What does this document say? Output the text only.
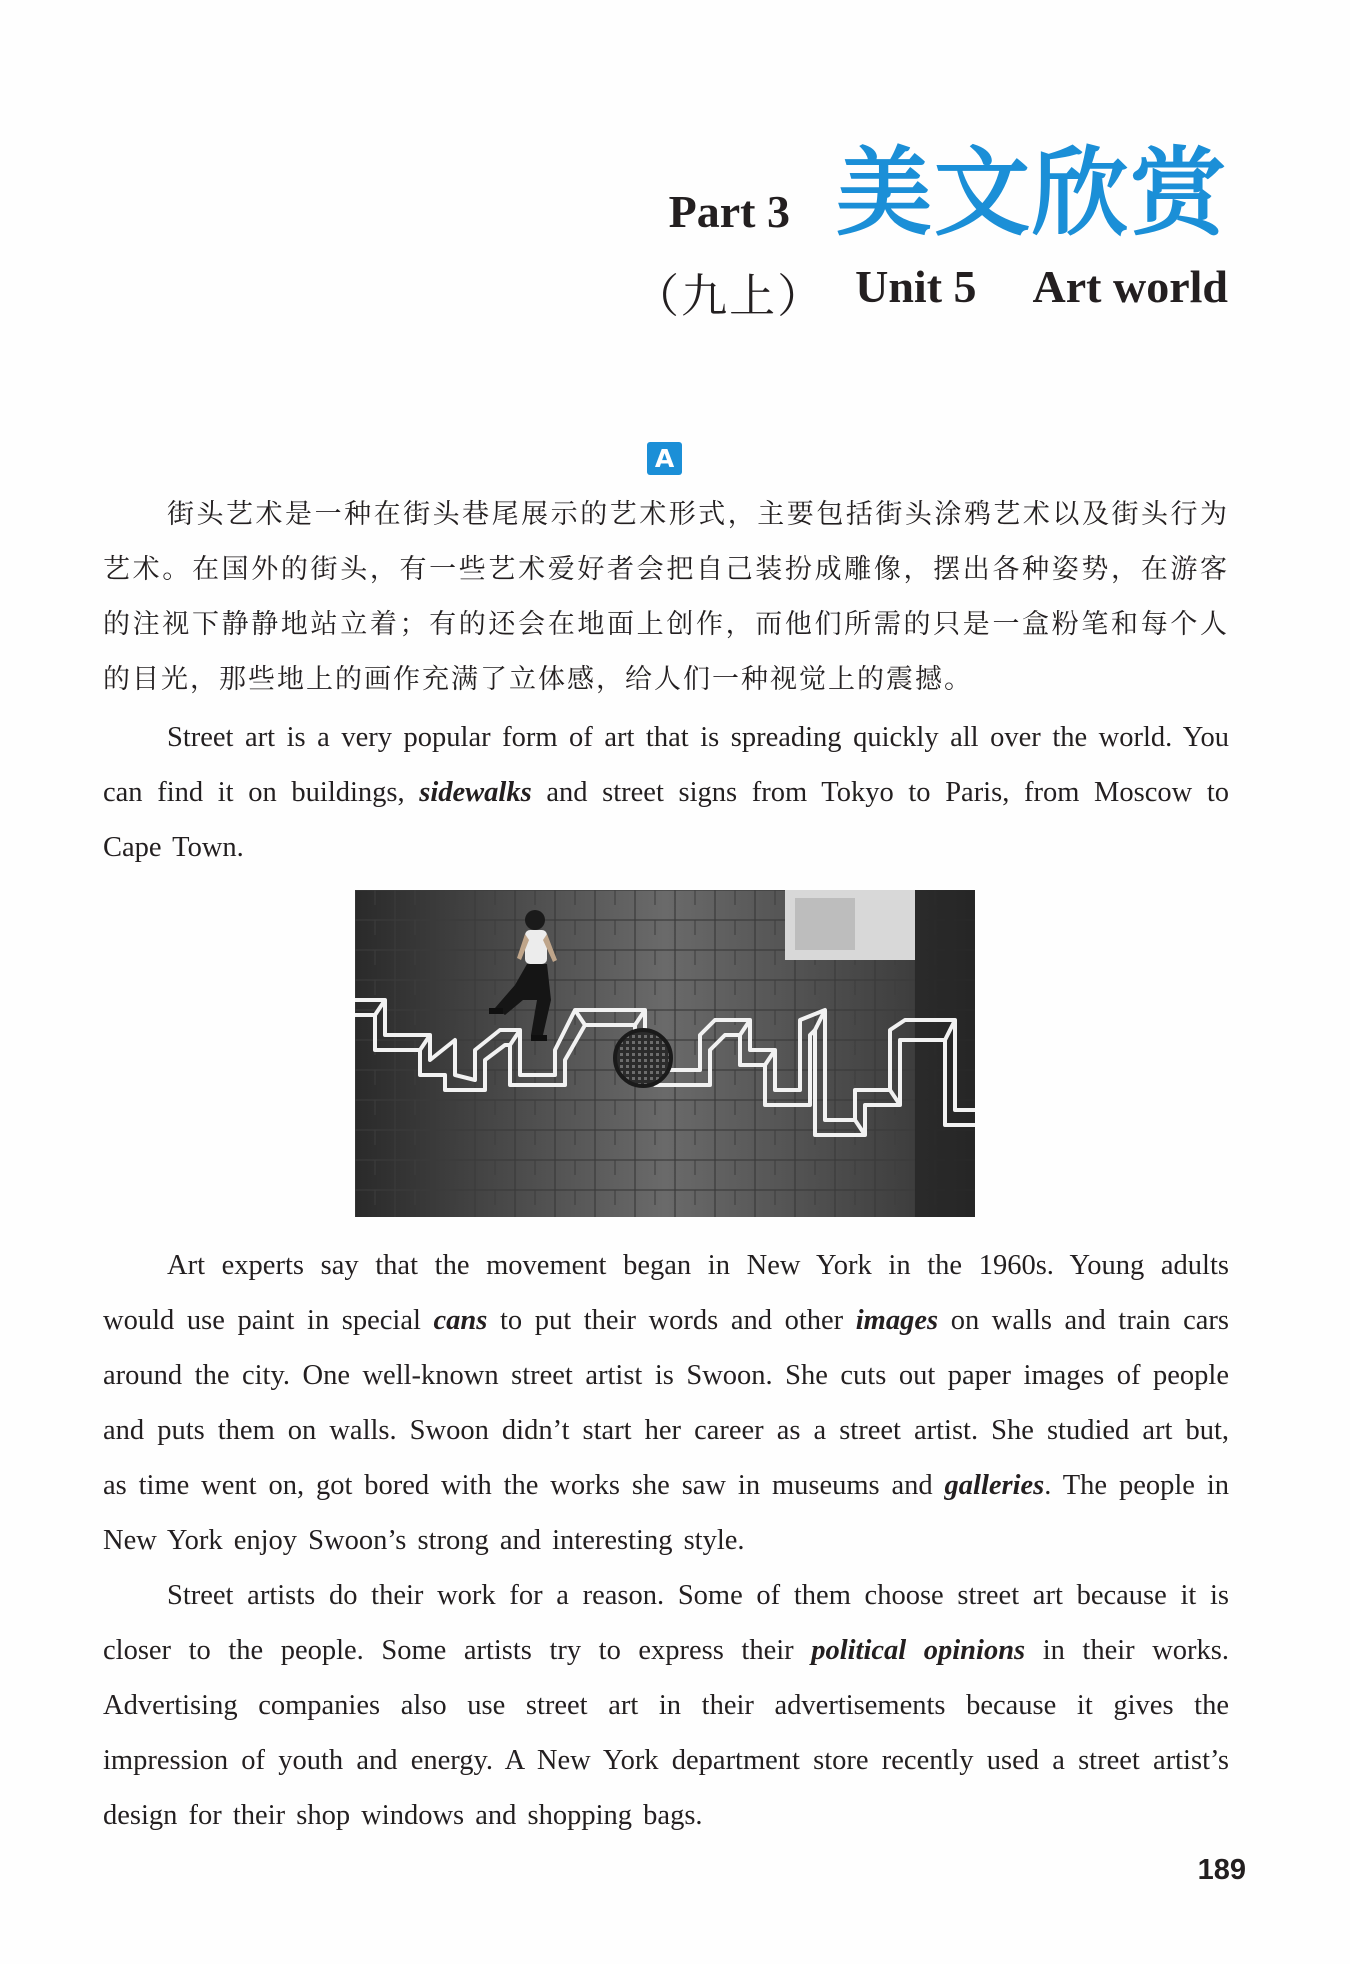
Part 3 美文欣赏
（九上） Unit 5 Art world
A

街头艺术是一种在街头巷尾展示的艺术形式，主要包括街头涂鸦艺术以及街头行为艺术。在国外的街头，有一些艺术爱好者会把自己装扮成雕像，摆出各种姿势，在游客的注视下静静地站立着；有的还会在地面上创作，而他们所需的只是一盒粉笔和每个人的目光，那些地上的画作充满了立体感，给人们一种视觉上的震撼。

Street art is a very popular form of art that is spreading quickly all over the world. You can find it on buildings, sidewalks and street signs from Tokyo to Paris, from Moscow to Cape Town.

Art experts say that the movement began in New York in the 1960s. Young adults would use paint in special cans to put their words and other images on walls and train cars around the city. One well-known street artist is Swoon. She cuts out paper images of people and puts them on walls. Swoon didn’t start her career as a street artist. She studied art but, as time went on, got bored with the works she saw in museums and galleries. The people in New York enjoy Swoon’s strong and interesting style.

Street artists do their work for a reason. Some of them choose street art because it is closer to the people. Some artists try to express their political opinions in their works. Advertising companies also use street art in their advertisements because it gives the impression of youth and energy. A New York department store recently used a street artist’s design for their shop windows and shopping bags.

189
